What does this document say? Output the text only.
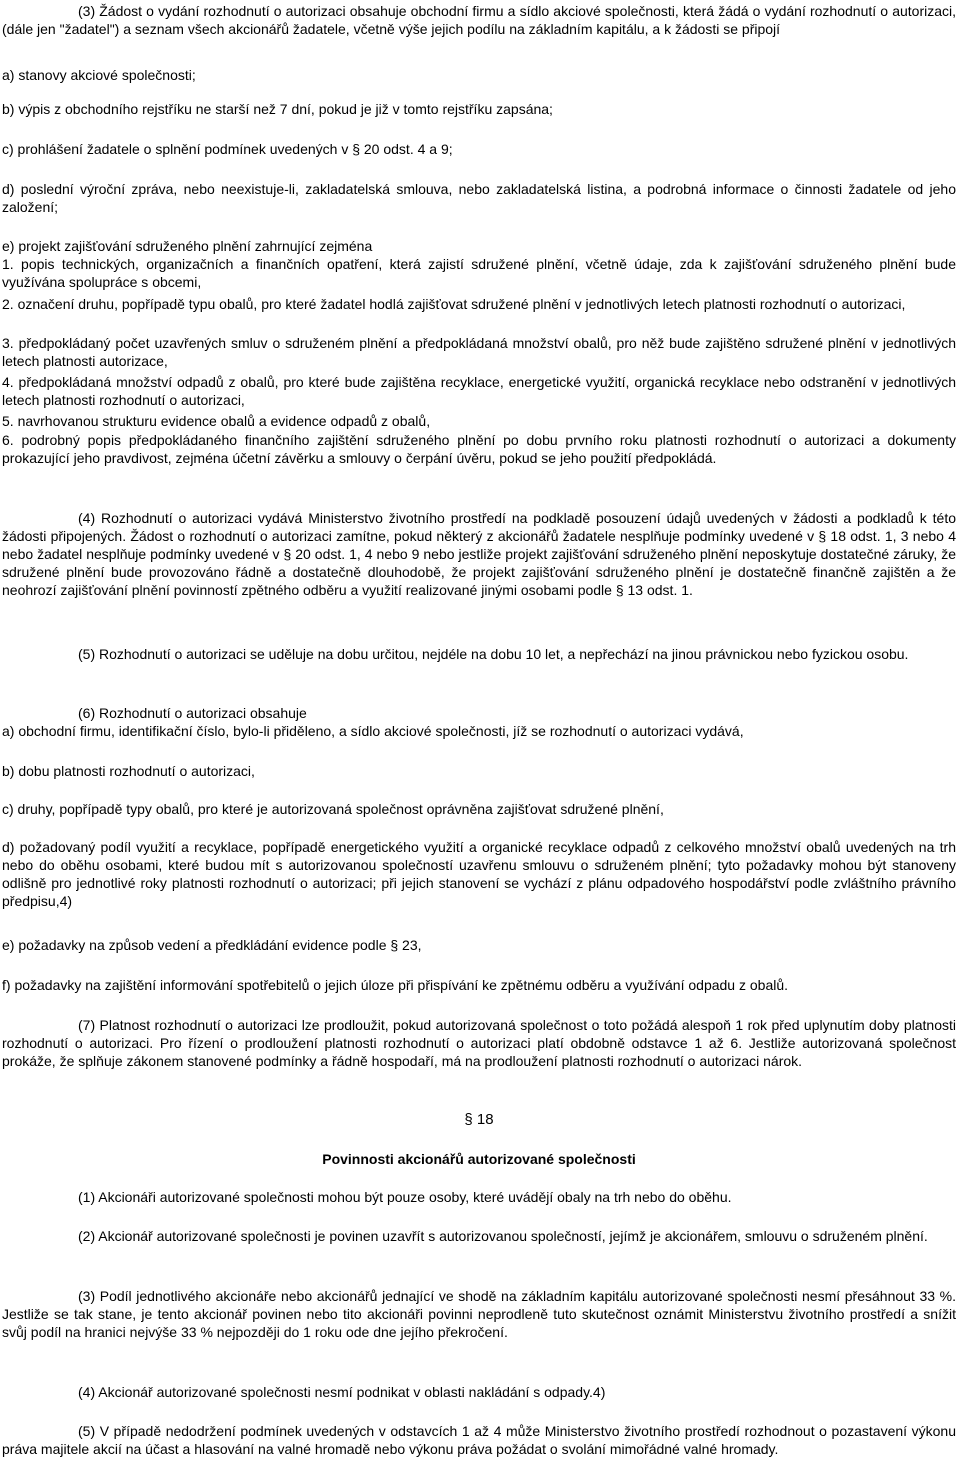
(3) Žádost o vydání rozhodnutí o autorizaci obsahuje obchodní firmu a sídlo akciové společnosti, která žádá o vydání rozhodnutí o autorizaci, (dále jen "žadatel") a seznam všech akcionářů žadatele, včetně výše jejich podílu na základním kapitálu, a k žádosti se připojí

a) stanovy akciové společnosti;

b) výpis z obchodního rejstříku ne starší než 7 dní, pokud je již v tomto rejstříku zapsána;

c) prohlášení žadatele o splnění podmínek uvedených v § 20 odst. 4 a 9;

d) poslední výroční zpráva, nebo neexistuje-li, zakladatelská smlouva, nebo zakladatelská listina, a podrobná informace o činnosti žadatele od jeho založení;

e) projekt zajišťování sdruženého plnění zahrnující zejména

1. popis technických, organizačních a finančních opatření, která zajistí sdružené plnění, včetně údaje, zda k zajišťování sdruženého plnění bude využívána spolupráce s obcemi,

2. označení druhu, popřípadě typu obalů, pro které žadatel hodlá zajišťovat sdružené plnění v jednotlivých letech platnosti rozhodnutí o autorizaci,

3. předpokládaný počet uzavřených smluv o sdruženém plnění a předpokládaná množství obalů, pro něž bude zajištěno sdružené plnění v jednotlivých letech platnosti autorizace,

4. předpokládaná množství odpadů z obalů, pro které bude zajištěna recyklace, energetické využití, organická recyklace nebo odstranění v jednotlivých letech platnosti rozhodnutí o autorizaci,

5. navrhovanou strukturu evidence obalů a evidence odpadů z obalů,

6. podrobný popis předpokládaného finančního zajištění sdruženého plnění po dobu prvního roku platnosti rozhodnutí o autorizaci a dokumenty prokazující jeho pravdivost, zejména účetní závěrku a smlouvy o čerpání úvěru, pokud se jeho použití předpokládá.

(4) Rozhodnutí o autorizaci vydává Ministerstvo životního prostředí na podkladě posouzení údajů uvedených v žádosti a podkladů k této žádosti připojených. Žádost o rozhodnutí o autorizaci zamítne, pokud některý z akcionářů žadatele nesplňuje podmínky uvedené v § 18 odst. 1, 3 nebo 4 nebo žadatel nesplňuje podmínky uvedené v § 20 odst. 1, 4 nebo 9 nebo jestliže projekt zajišťování sdruženého plnění neposkytuje dostatečné záruky, že sdružené plnění bude provozováno řádně a dostatečně dlouhodobě, že projekt zajišťování sdruženého plnění je dostatečně finančně zajištěn a že neohrozí zajišťování plnění povinností zpětného odběru a využití realizované jinými osobami podle § 13 odst. 1.

(5) Rozhodnutí o autorizaci se uděluje na dobu určitou, nejdéle na dobu 10 let, a nepřechází na jinou právnickou nebo fyzickou osobu.

(6) Rozhodnutí o autorizaci obsahuje

a) obchodní firmu, identifikační číslo, bylo-li přiděleno, a sídlo akciové společnosti, jíž se rozhodnutí o autorizaci vydává,

b) dobu platnosti rozhodnutí o autorizaci,

c) druhy, popřípadě typy obalů, pro které je autorizovaná společnost oprávněna zajišťovat sdružené plnění,

d) požadovaný podíl využití a recyklace, popřípadě energetického využití a organické recyklace odpadů z celkového množství obalů uvedených na trh nebo do oběhu osobami, které budou mít s autorizovanou společností uzavřenu smlouvu o sdruženém plnění; tyto požadavky mohou být stanoveny odlišně pro jednotlivé roky platnosti rozhodnutí o autorizaci; při jejich stanovení se vychází z plánu odpadového hospodářství podle zvláštního právního předpisu,4)

e) požadavky na způsob vedení a předkládání evidence podle § 23,

f) požadavky na zajištění informování spotřebitelů o jejich úloze při přispívání ke zpětnému odběru a využívání odpadu z obalů.

(7) Platnost rozhodnutí o autorizaci lze prodloužit, pokud autorizovaná společnost o toto požádá alespoň 1 rok před uplynutím doby platnosti rozhodnutí o autorizaci. Pro řízení o prodloužení platnosti rozhodnutí o autorizaci platí obdobně odstavce 1 až 6. Jestliže autorizovaná společnost prokáže, že splňuje zákonem stanovené podmínky a řádně hospodaří, má na prodloužení platnosti rozhodnutí o autorizaci nárok.

§ 18

Povinnosti akcionářů autorizované společnosti

(1) Akcionáři autorizované společnosti mohou být pouze osoby, které uvádějí obaly na trh nebo do oběhu.

(2) Akcionář autorizované společnosti je povinen uzavřít s autorizovanou společností, jejímž je akcionářem, smlouvu o sdruženém plnění.

(3) Podíl jednotlivého akcionáře nebo akcionářů jednající ve shodě na základním kapitálu autorizované společnosti nesmí přesáhnout 33 %. Jestliže se tak stane, je tento akcionář povinen nebo tito akcionáři povinni neprodleně tuto skutečnost oznámit Ministerstvu životního prostředí a snížit svůj podíl na hranici nejvýše 33 % nejpozději do 1 roku ode dne jejího překročení.

(4) Akcionář autorizované společnosti nesmí podnikat v oblasti nakládání s odpady.4)

(5) V případě nedodržení podmínek uvedených v odstavcích 1 až 4 může Ministerstvo životního prostředí rozhodnout o pozastavení výkonu práva majitele akcií na účast a hlasování na valné hromadě nebo výkonu práva požádat o svolání mimořádné valné hromady.
